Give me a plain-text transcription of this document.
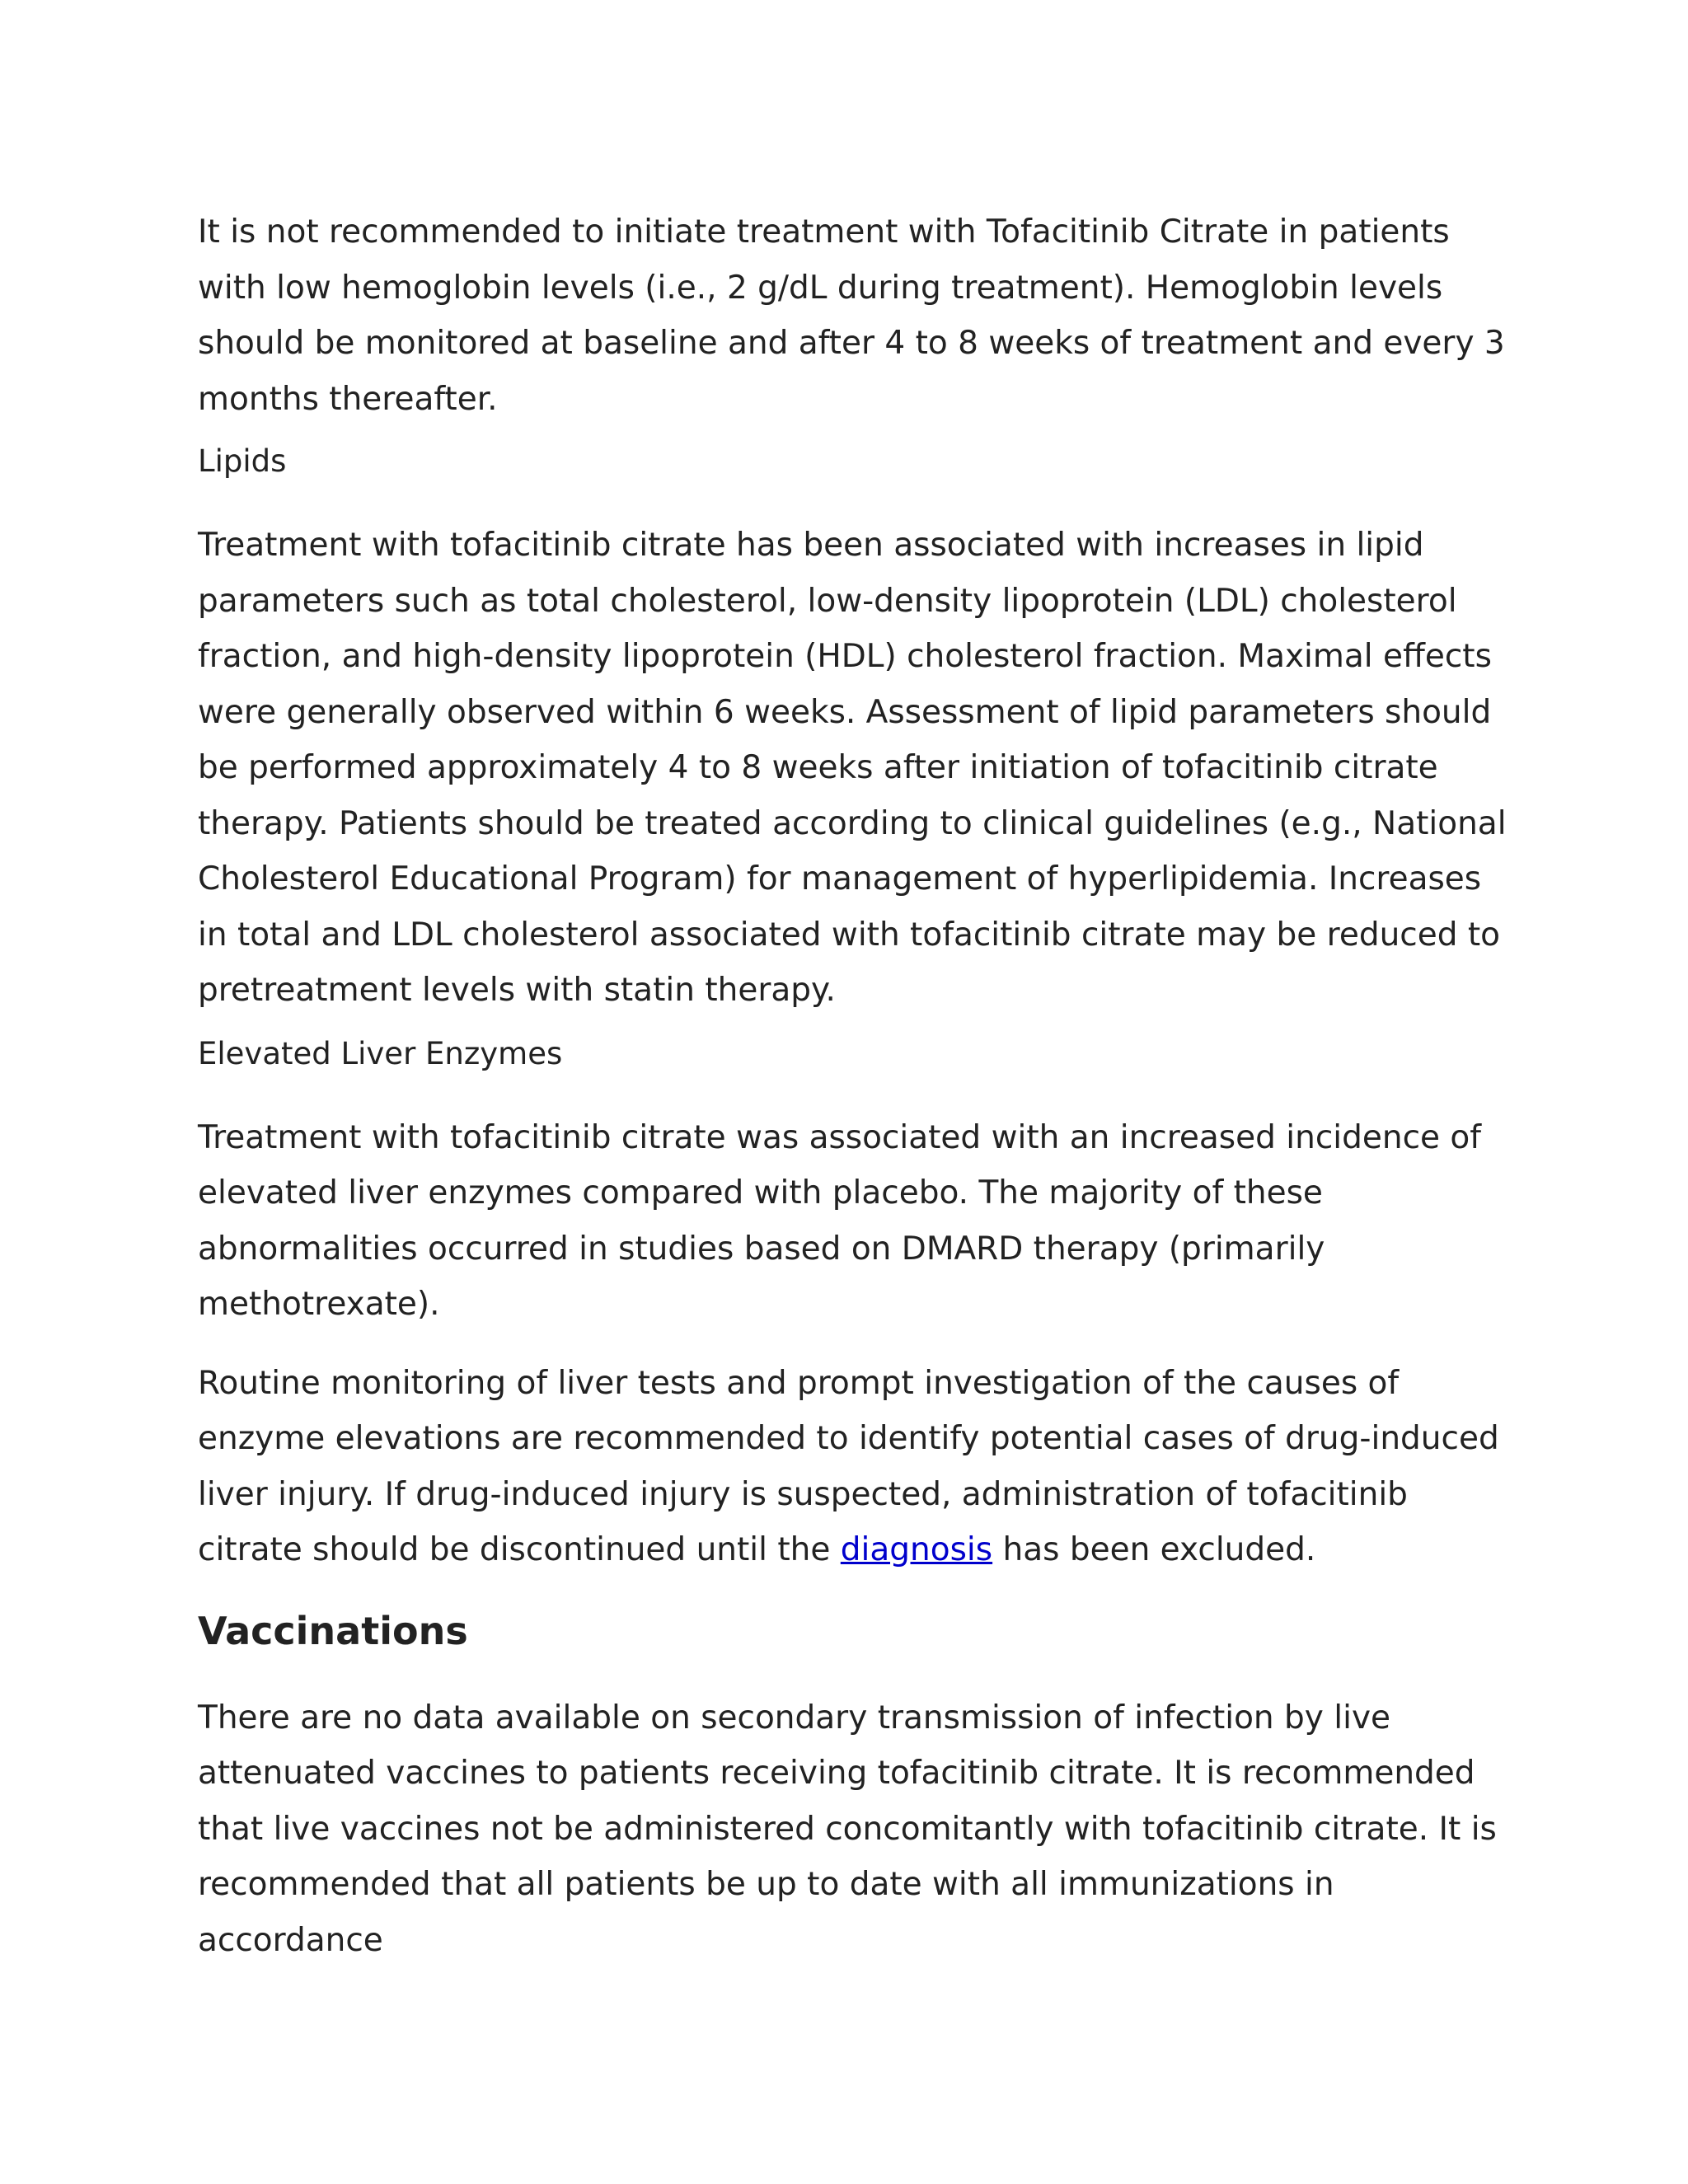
It is not recommended to initiate treatment with Tofacitinib Citrate in patients with low hemoglobin levels (i.e., 2 g/dL during treatment). Hemoglobin levels should be monitored at baseline and after 4 to 8 weeks of treatment and every 3 months thereafter.

Lipids

Treatment with tofacitinib citrate has been associated with increases in lipid parameters such as total cholesterol, low-density lipoprotein (LDL) cholesterol fraction, and high-density lipoprotein (HDL) cholesterol fraction. Maximal effects were generally observed within 6 weeks. Assessment of lipid parameters should be performed approximately 4 to 8 weeks after initiation of tofacitinib citrate therapy. Patients should be treated according to clinical guidelines (e.g., National Cholesterol Educational Program) for management of hyperlipidemia. Increases in total and LDL cholesterol associated with tofacitinib citrate may be reduced to pretreatment levels with statin therapy.

Elevated Liver Enzymes

Treatment with tofacitinib citrate was associated with an increased incidence of elevated liver enzymes compared with placebo. The majority of these abnormalities occurred in studies based on DMARD therapy (primarily methotrexate).

Routine monitoring of liver tests and prompt investigation of the causes of enzyme elevations are recommended to identify potential cases of drug-induced liver injury. If drug-induced injury is suspected, administration of tofacitinib citrate should be discontinued until the diagnosis has been excluded.

Vaccinations

There are no data available on secondary transmission of infection by live attenuated vaccines to patients receiving tofacitinib citrate. It is recommended that live vaccines not be administered concomitantly with tofacitinib citrate. It is recommended that all patients be up to date with all immunizations in accordance
